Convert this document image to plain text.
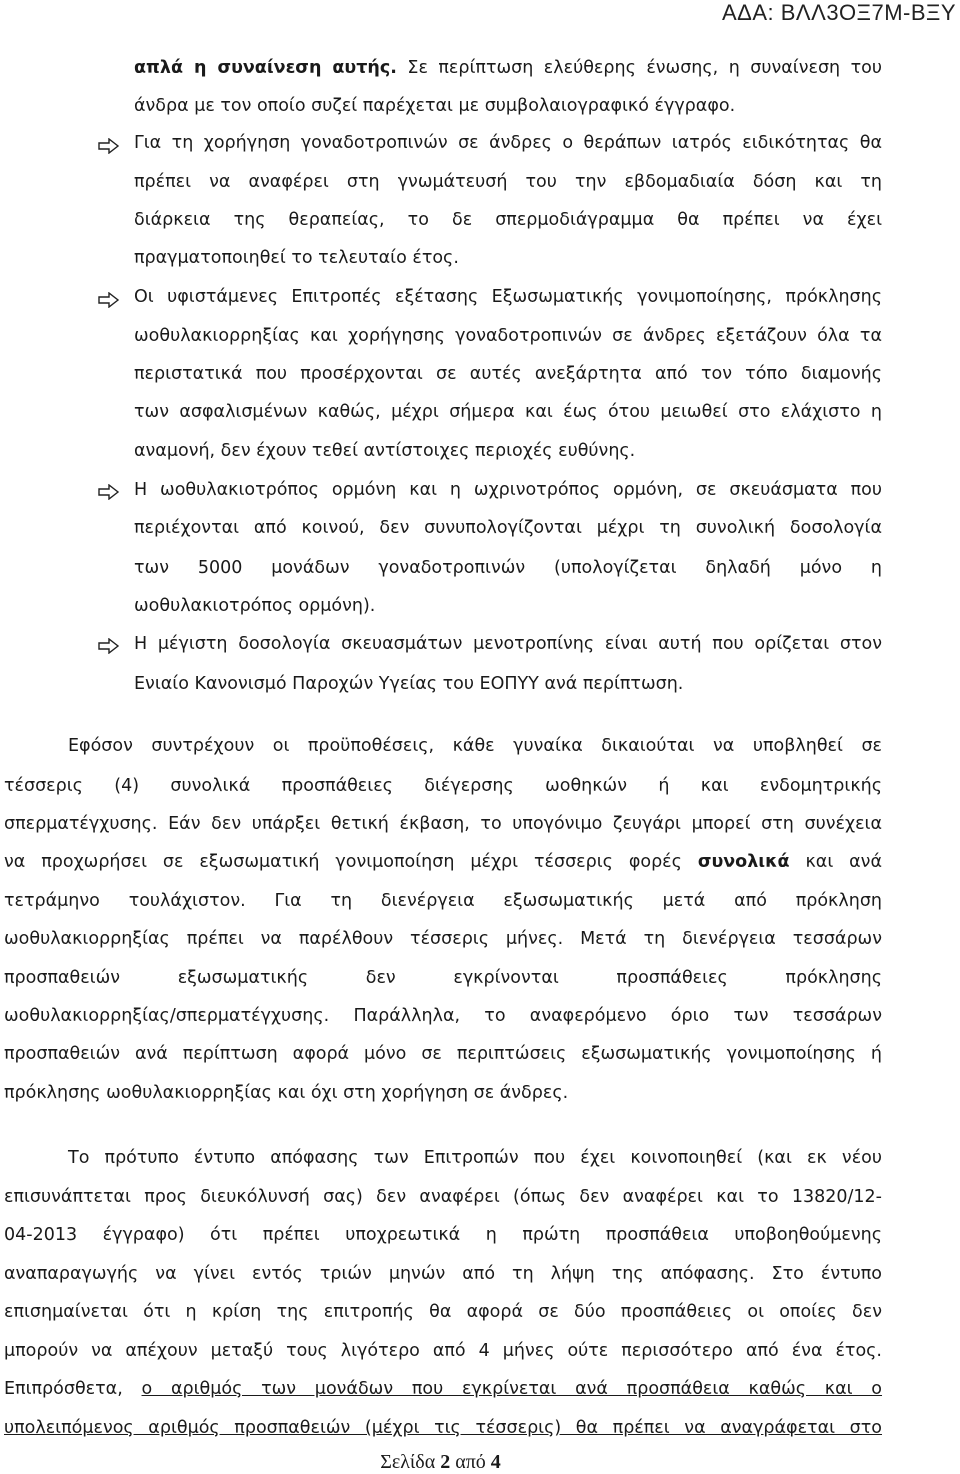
ΑΔΑ: ΒΛΛ3ΟΞ7Μ-ΒΞΥ
απλά η συναίνεση αυτής. Σε περίπτωση ελεύθερης ένωσης, η συναίνεση του
άνδρα με τον οποίο συζεί παρέχεται με συμβολαιογραφικό έγγραφο.
Για τη χορήγηση γοναδοτροπινών σε άνδρες ο θεράπων ιατρός ειδικότητας θα
πρέπει να αναφέρει στη γνωμάτευσή του την εβδομαδιαία δόση και τη
διάρκεια της θεραπείας, το δε σπερμοδιάγραμμα θα πρέπει να έχει
πραγματοποιηθεί το τελευταίο έτος.
Οι υφιστάμενες Επιτροπές εξέτασης Εξωσωματικής γονιμοποίησης, πρόκλησης
ωοθυλακιορρηξίας και χορήγησης γοναδοτροπινών σε άνδρες εξετάζουν όλα τα
περιστατικά που προσέρχονται σε αυτές ανεξάρτητα από τον τόπο διαμονής
των ασφαλισμένων καθώς, μέχρι σήμερα και έως ότου μειωθεί στο ελάχιστο η
αναμονή, δεν έχουν τεθεί αντίστοιχες περιοχές ευθύνης.
Η ωοθυλακιοτρόπος ορμόνη και η ωχρινοτρόπος ορμόνη, σε σκευάσματα που
περιέχονται από κοινού, δεν συνυπολογίζονται μέχρι τη συνολική δοσολογία
των 5000 μονάδων γοναδοτροπινών (υπολογίζεται δηλαδή μόνο η
ωοθυλακιοτρόπος ορμόνη).
Η μέγιστη δοσολογία σκευασμάτων μενοτροπίνης είναι αυτή που ορίζεται στον
Ενιαίο Κανονισμό Παροχών Υγείας του ΕΟΠΥΥ ανά περίπτωση.
Εφόσον συντρέχουν οι προϋποθέσεις, κάθε γυναίκα δικαιούται να υποβληθεί σε
τέσσερις (4) συνολικά προσπάθειες διέγερσης ωοθηκών ή και ενδομητρικής
σπερματέγχυσης. Εάν δεν υπάρξει θετική έκβαση, το υπογόνιμο ζευγάρι μπορεί στη συνέχεια
να προχωρήσει σε εξωσωματική γονιμοποίηση μέχρι τέσσερις φορές συνολικά και ανά
τετράμηνο τουλάχιστον. Για τη διενέργεια εξωσωματικής μετά από πρόκληση
ωοθυλακιορρηξίας πρέπει να παρέλθουν τέσσερις μήνες. Μετά τη διενέργεια τεσσάρων
προσπαθειών εξωσωματικής δεν εγκρίνονται προσπάθειες πρόκλησης
ωοθυλακιορρηξίας/σπερματέγχυσης. Παράλληλα, το αναφερόμενο όριο των τεσσάρων
προσπαθειών ανά περίπτωση αφορά μόνο σε περιπτώσεις εξωσωματικής γονιμοποίησης ή
πρόκλησης ωοθυλακιορρηξίας και όχι στη χορήγηση σε άνδρες.
Το πρότυπο έντυπο απόφασης των Επιτροπών που έχει κοινοποιηθεί (και εκ νέου
επισυνάπτεται προς διευκόλυνσή σας) δεν αναφέρει (όπως δεν αναφέρει και το 13820/12-
04-2013 έγγραφο) ότι πρέπει υποχρεωτικά η πρώτη προσπάθεια υποβοηθούμενης
αναπαραγωγής να γίνει εντός τριών μηνών από τη λήψη της απόφασης. Στο έντυπο
επισημαίνεται ότι η κρίση της επιτροπής θα αφορά σε δύο προσπάθειες οι οποίες δεν
μπορούν να απέχουν μεταξύ τους λιγότερο από 4 μήνες ούτε περισσότερο από ένα έτος.
Επιπρόσθετα, ο αριθμός των μονάδων που εγκρίνεται ανά προσπάθεια καθώς και ο
υπολειπόμενος αριθμός προσπαθειών (μέχρι τις τέσσερις) θα πρέπει να αναγράφεται στο
Σελίδα 2 από 4
